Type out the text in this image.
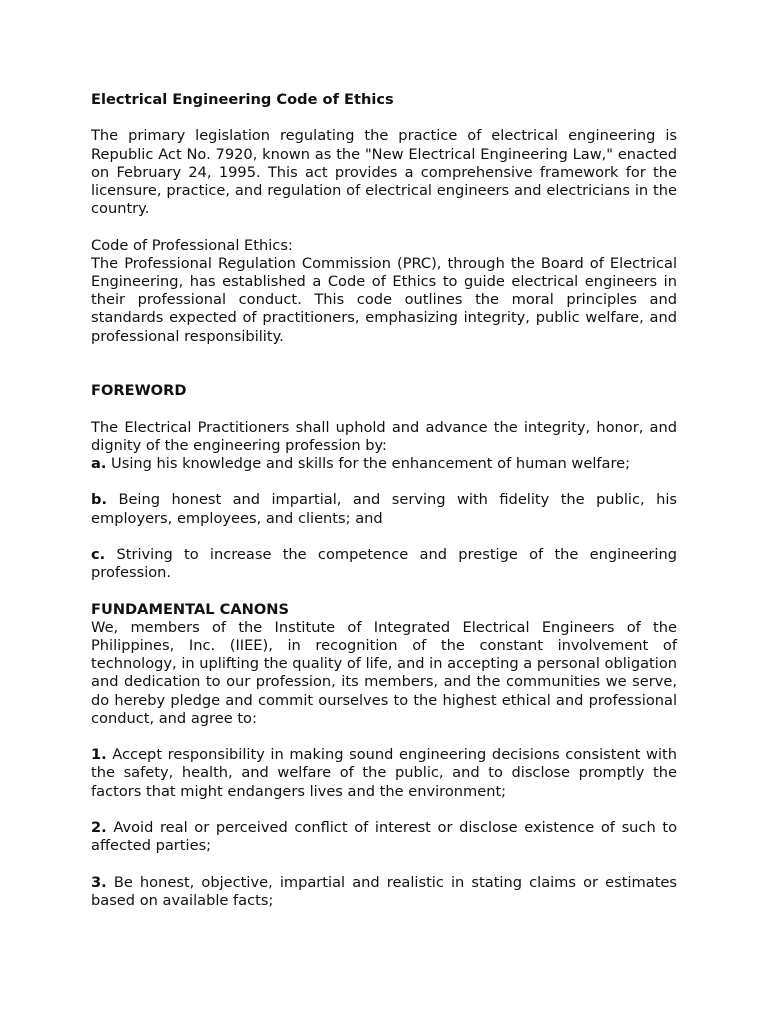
Electrical Engineering Code of Ethics

The primary legislation regulating the practice of electrical engineering is Republic Act No. 7920, known as the "New Electrical Engineering Law," enacted on February 24, 1995. This act provides a comprehensive framework for the licensure, practice, and regulation of electrical engineers and electricians in the country.

Code of Professional Ethics:

The Professional Regulation Commission (PRC), through the Board of Electrical Engineering, has established a Code of Ethics to guide electrical engineers in their professional conduct. This code outlines the moral principles and standards expected of practitioners, emphasizing integrity, public welfare, and professional responsibility.

FOREWORD

The Electrical Practitioners shall uphold and advance the integrity, honor, and dignity of the engineering profession by:

a. Using his knowledge and skills for the enhancement of human welfare;

b. Being honest and impartial, and serving with fidelity the public, his employers, employees, and clients; and

c. Striving to increase the competence and prestige of the engineering profession.

FUNDAMENTAL CANONS

We, members of the Institute of Integrated Electrical Engineers of the Philippines, Inc. (IIEE), in recognition of the constant involvement of technology, in uplifting the quality of life, and in accepting a personal obligation and dedication to our profession, its members, and the communities we serve, do hereby pledge and commit ourselves to the highest ethical and professional conduct, and agree to:

1. Accept responsibility in making sound engineering decisions consistent with the safety, health, and welfare of the public, and to disclose promptly the factors that might endangers lives and the environment;

2. Avoid real or perceived conflict of interest or disclose existence of such to affected parties;

3. Be honest, objective, impartial and realistic in stating claims or estimates based on available facts;
